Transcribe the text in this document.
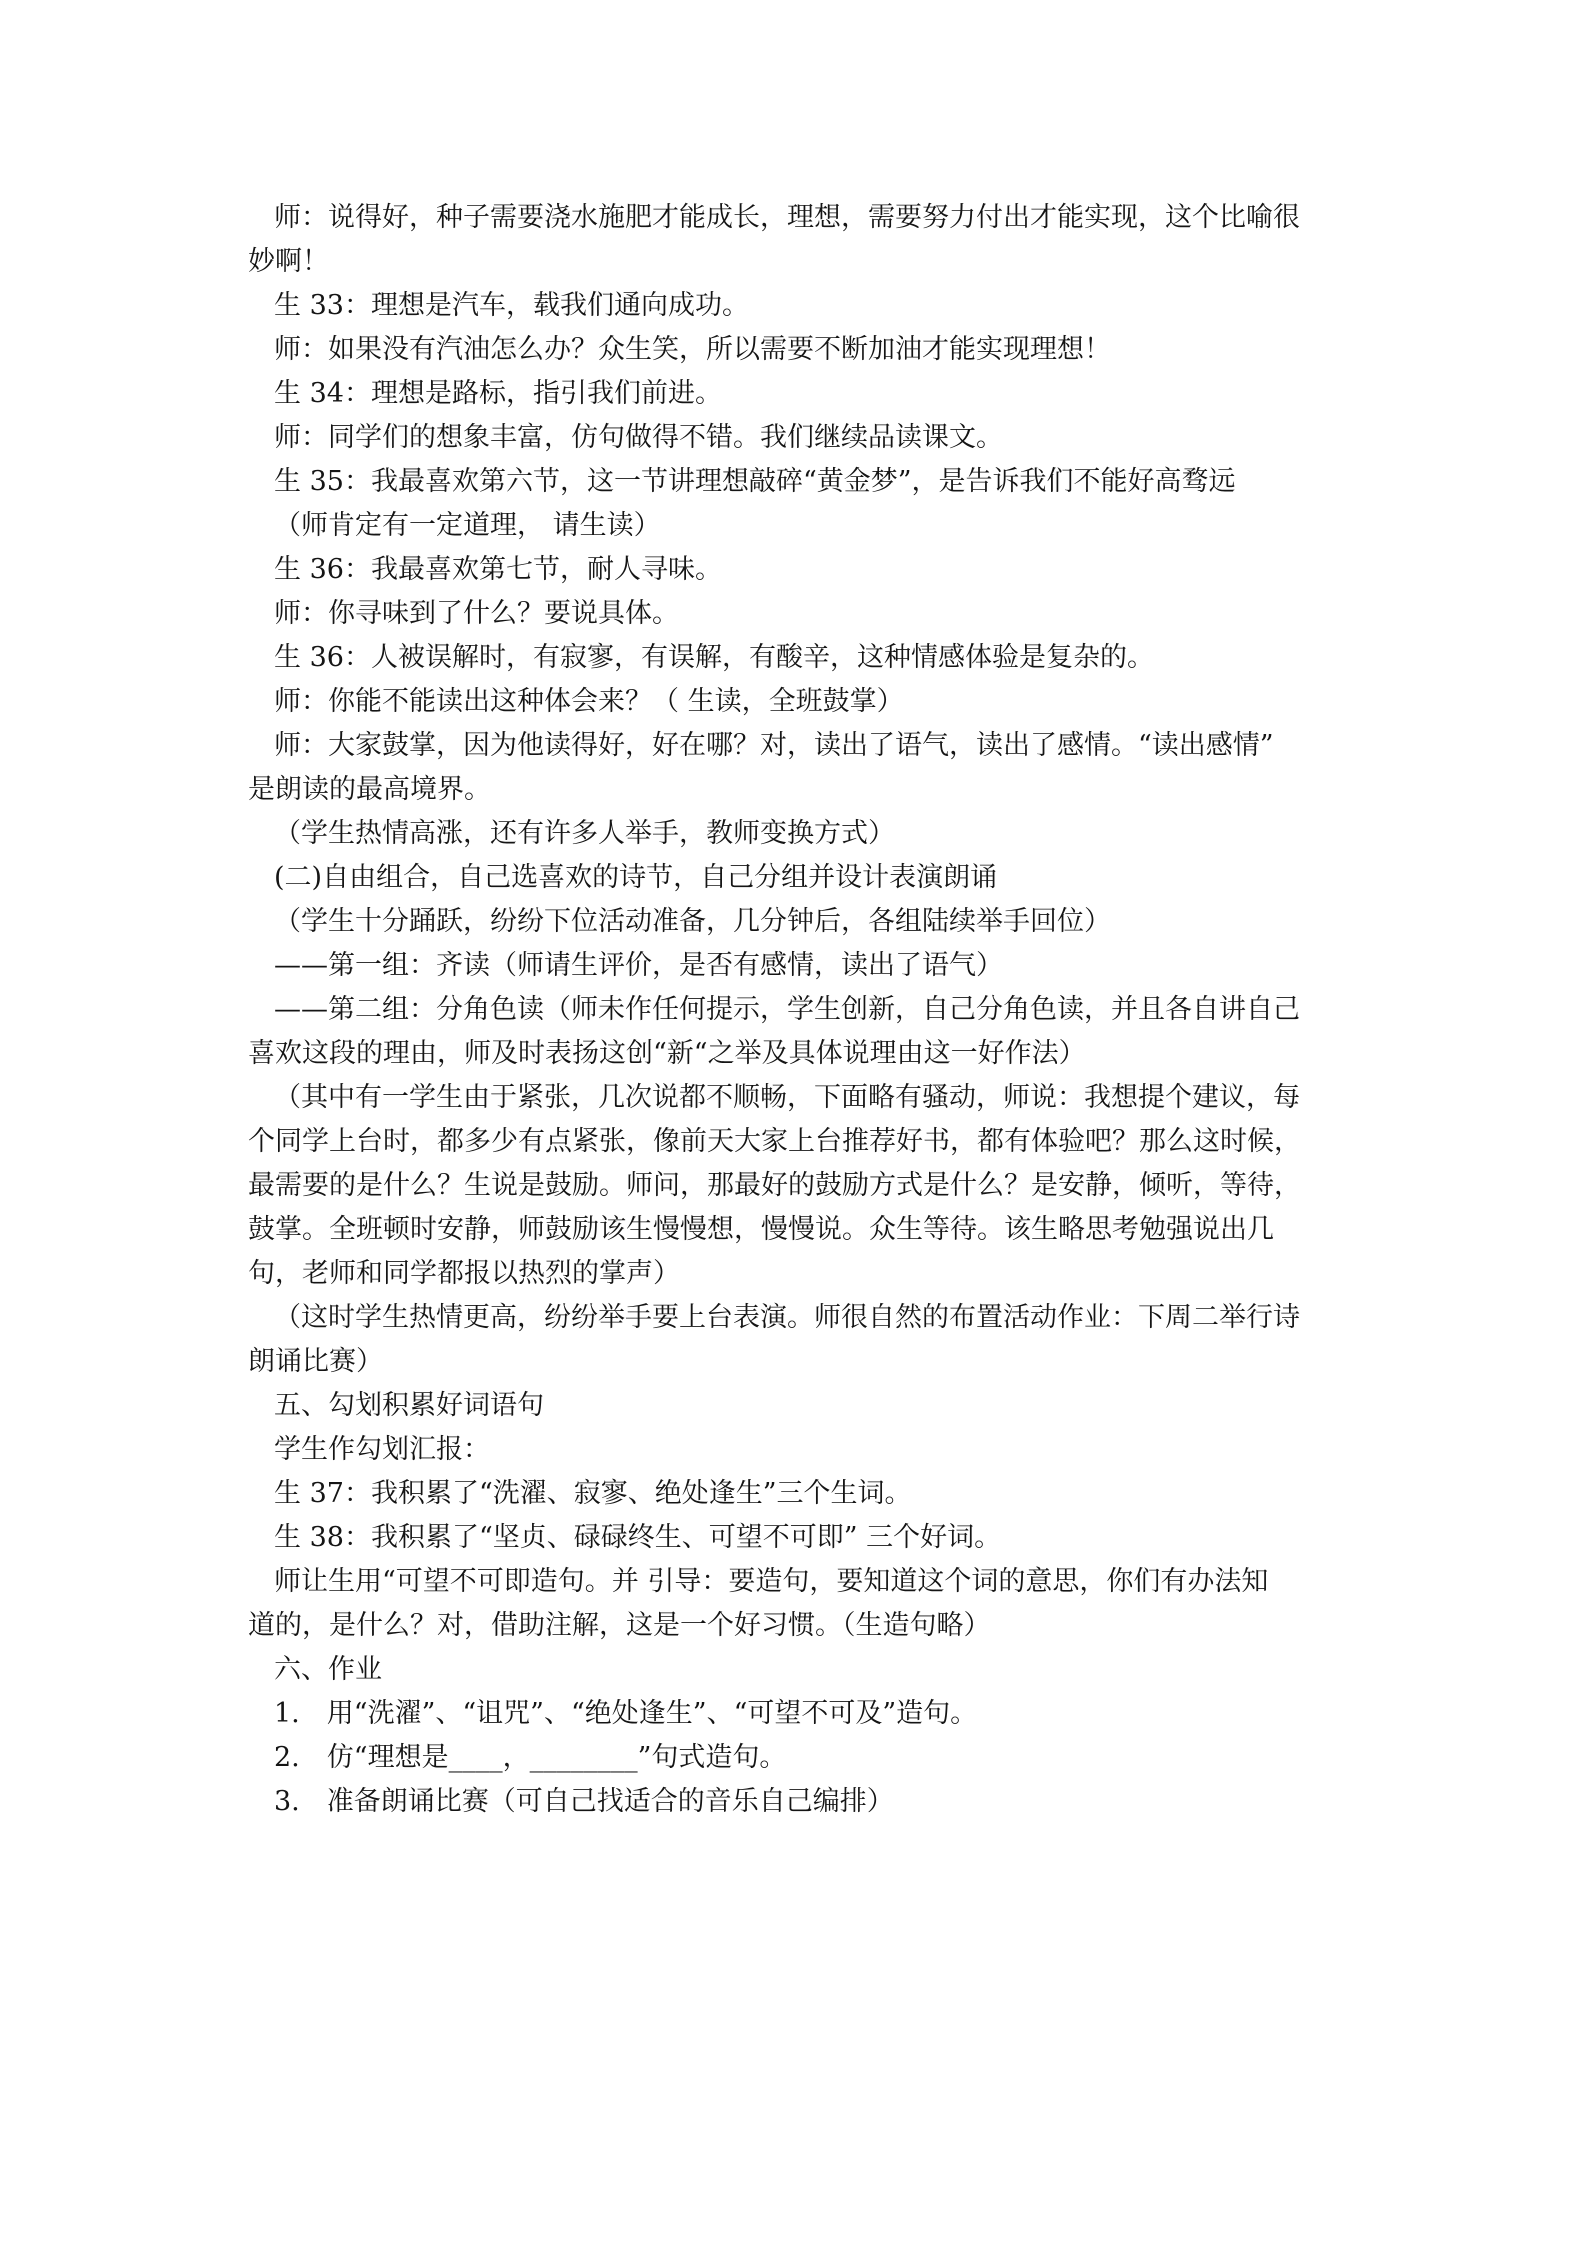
师：说得好，种子需要浇水施肥才能成长，理想，需要努力付出才能实现，这个比喻很
妙啊！
生 33：理想是汽车，载我们通向成功。
师：如果没有汽油怎么办？众生笑，所以需要不断加油才能实现理想！
生 34：理想是路标，指引我们前进。
师：同学们的想象丰富，仿句做得不错。我们继续品读课文。
生 35：我最喜欢第六节，这一节讲理想敲碎“黄金梦”，是告诉我们不能好高骛远
（师肯定有一定道理， 请生读）
生 36：我最喜欢第七节，耐人寻味。
师：你寻味到了什么？要说具体。
生 36：人被误解时，有寂寥，有误解，有酸辛，这种情感体验是复杂的。
师：你能不能读出这种体会来？（ 生读，全班鼓掌）
师：大家鼓掌，因为他读得好，好在哪？对，读出了语气，读出了感情。“读出感情”
是朗读的最高境界。
（学生热情高涨，还有许多人举手，教师变换方式）
(二)自由组合，自己选喜欢的诗节，自己分组并设计表演朗诵
（学生十分踊跃，纷纷下位活动准备，几分钟后，各组陆续举手回位）
——第一组：齐读（师请生评价，是否有感情，读出了语气）
——第二组：分角色读（师未作任何提示，学生创新，自己分角色读，并且各自讲自己
喜欢这段的理由，师及时表扬这创“新“之举及具体说理由这一好作法）
（其中有一学生由于紧张，几次说都不顺畅，下面略有骚动，师说：我想提个建议，每
个同学上台时，都多少有点紧张，像前天大家上台推荐好书，都有体验吧？那么这时候，
最需要的是什么？生说是鼓励。师问，那最好的鼓励方式是什么？是安静，倾听，等待，
鼓掌。全班顿时安静，师鼓励该生慢慢想，慢慢说。众生等待。该生略思考勉强说出几
句，老师和同学都报以热烈的掌声）
（这时学生热情更高，纷纷举手要上台表演。师很自然的布置活动作业：下周二举行诗
朗诵比赛）
五、勾划积累好词语句
学生作勾划汇报：
生 37：我积累了“洗濯、寂寥、绝处逢生”三个生词。
生 38：我积累了“坚贞、碌碌终生、可望不可即” 三个好词。
师让生用“可望不可即造句。并 引导：要造句，要知道这个词的意思，你们有办法知
道的，是什么？对，借助注解，这是一个好习惯。（生造句略）
六、作业
1.　用“洗濯”、“诅咒”、“绝处逢生”、“可望不可及”造句。
2.　仿“理想是____，________”句式造句。
3.　准备朗诵比赛（可自己找适合的音乐自己编排）
